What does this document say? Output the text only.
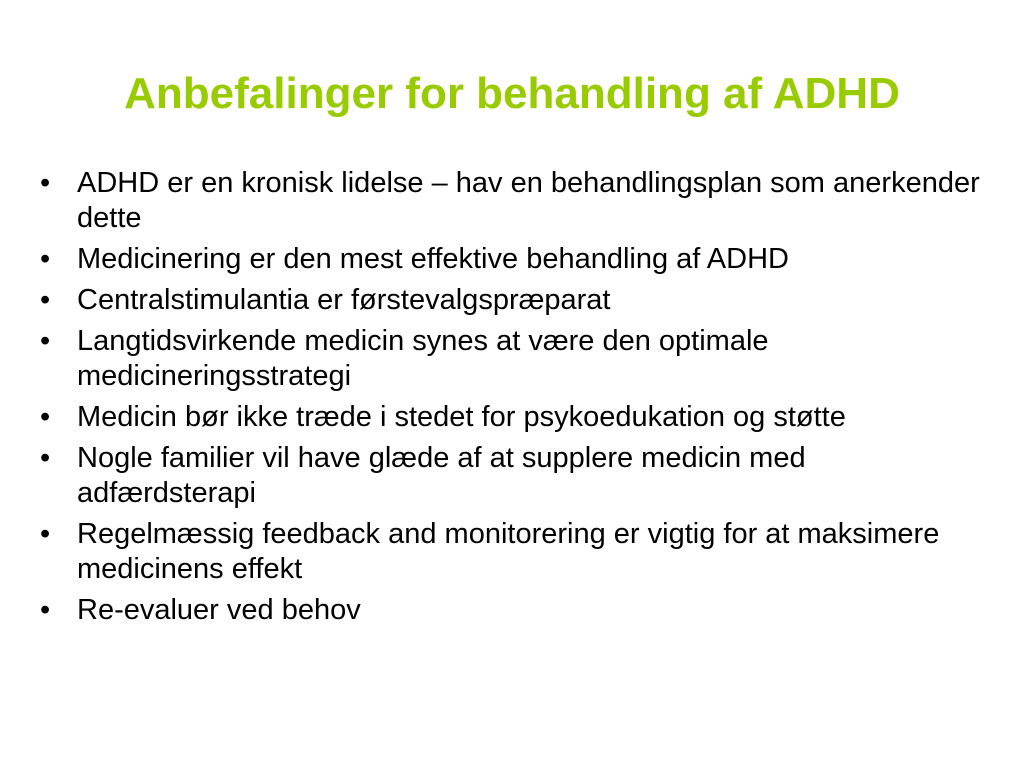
Anbefalinger for behandling af ADHD
• ADHD er en kronisk lidelse – hav en behandlingsplan som anerkender dette
• Medicinering er den mest effektive behandling af ADHD
• Centralstimulantia er førstevalgspræparat
• Langtidsvirkende medicin synes at være den optimale medicineringsstrategi
• Medicin bør ikke træde i stedet for psykoedukation og støtte
• Nogle familier vil have glæde af at supplere medicin med adfærdsterapi
• Regelmæssig feedback and monitorering er vigtig for at maksimere medicinens effekt
• Re-evaluer ved behov
